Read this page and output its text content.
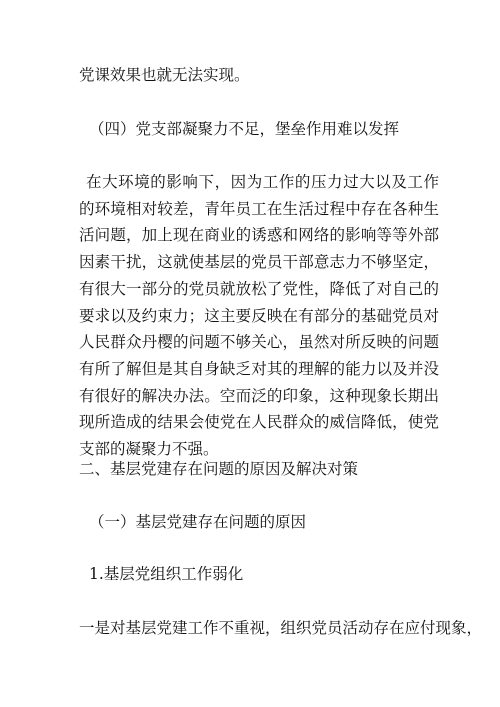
党课效果也就无法实现。
（四）党支部凝聚力不足，堡垒作用难以发挥
在大环境的影响下，因为工作的压力过大以及工作的环境相对较差，青年员工在生活过程中存在各种生活问题，加上现在商业的诱惑和网络的影响等等外部因素干扰，这就使基层的党员干部意志力不够坚定，有很大一部分的党员就放松了党性，降低了对自己的要求以及约束力；这主要反映在有部分的基础党员对人民群众丹樱的问题不够关心，虽然对所反映的问题有所了解但是其自身缺乏对其的理解的能力以及并没有很好的解决办法。空而泛的印象，这种现象长期出现所造成的结果会使党在人民群众的威信降低，使党支部的凝聚力不强。
二、基层党建存在问题的原因及解决对策
（一）基层党建存在问题的原因
1.基层党组织工作弱化
一是对基层党建工作不重视，组织党员活动存在应付现象，
